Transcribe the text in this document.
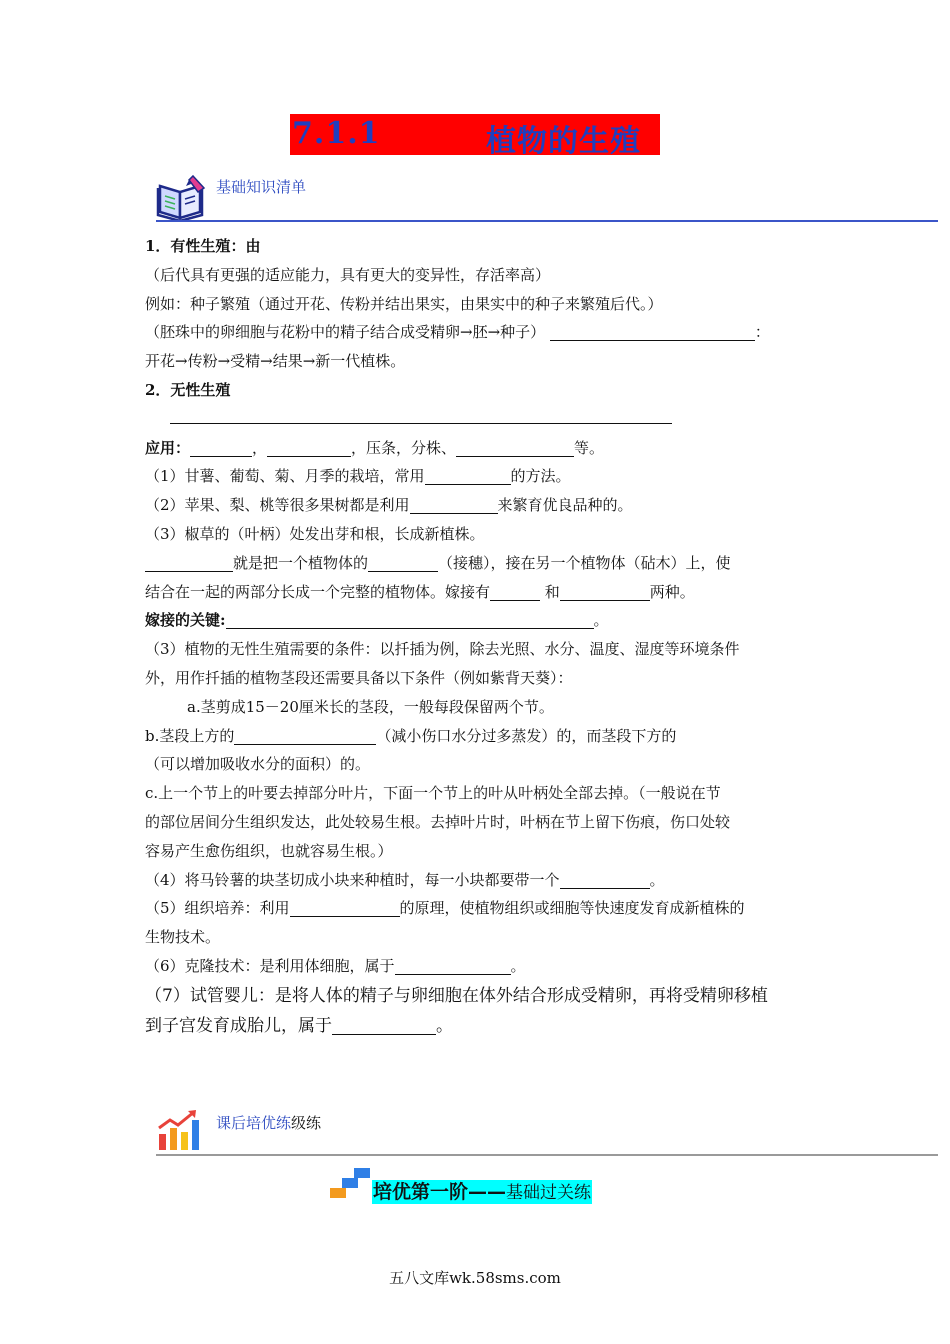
7.1.1	植物的生殖
基础知识清单
1．有性生殖：由
（后代具有更强的适应能力，具有更大的变异性，存活率高）
例如：种子繁殖（通过开花、传粉并结出果实，由果实中的种子来繁殖后代。）
（胚珠中的卵细胞与花粉中的精子结合成受精卵→胚→种子）	：
开花→传粉→受精→结果→新一代植株。
2．无性生殖
应用：	，	，压条，分株、	等。
（1）甘薯、葡萄、菊、月季的栽培，常用	的方法。
（2）苹果、梨、桃等很多果树都是利用	来繁育优良品种的。
（3）椒草的（叶柄）处发出芽和根，长成新植株。
就是把一个植物体的	（接穗），接在另一个植物体（砧木）上，使
结合在一起的两部分长成一个完整的植物体。嫁接有	和	两种。
嫁接的关键:	。
（3）植物的无性生殖需要的条件：以扦插为例，除去光照、水分、温度、湿度等环境条件
外，用作扦插的植物茎段还需要具备以下条件（例如紫背天葵）：
a.茎剪成15－20厘米长的茎段，一般每段保留两个节。
b.茎段上方的	（减小伤口水分过多蒸发）的，而茎段下方的
（可以增加吸收水分的面积）的。
c.上一个节上的叶要去掉部分叶片，下面一个节上的叶从叶柄处全部去掉。（一般说在节
的部位居间分生组织发达，此处较易生根。去掉叶片时，叶柄在节上留下伤痕，伤口处较
容易产生愈伤组织，也就容易生根。）
（4）将马铃薯的块茎切成小块来种植时，每一小块都要带一个	。
（5）组织培养：利用	的原理，使植物组织或细胞等快速度发育成新植株的
生物技术。
（6）克隆技术：是利用体细胞，属于	。
（7）试管婴儿：是将人体的精子与卵细胞在体外结合形成受精卵，再将受精卵移植
到子宫发育成胎儿，属于	。
课后培优练级练
培优第一阶——基础过关练
五八文库wk.58sms.com
